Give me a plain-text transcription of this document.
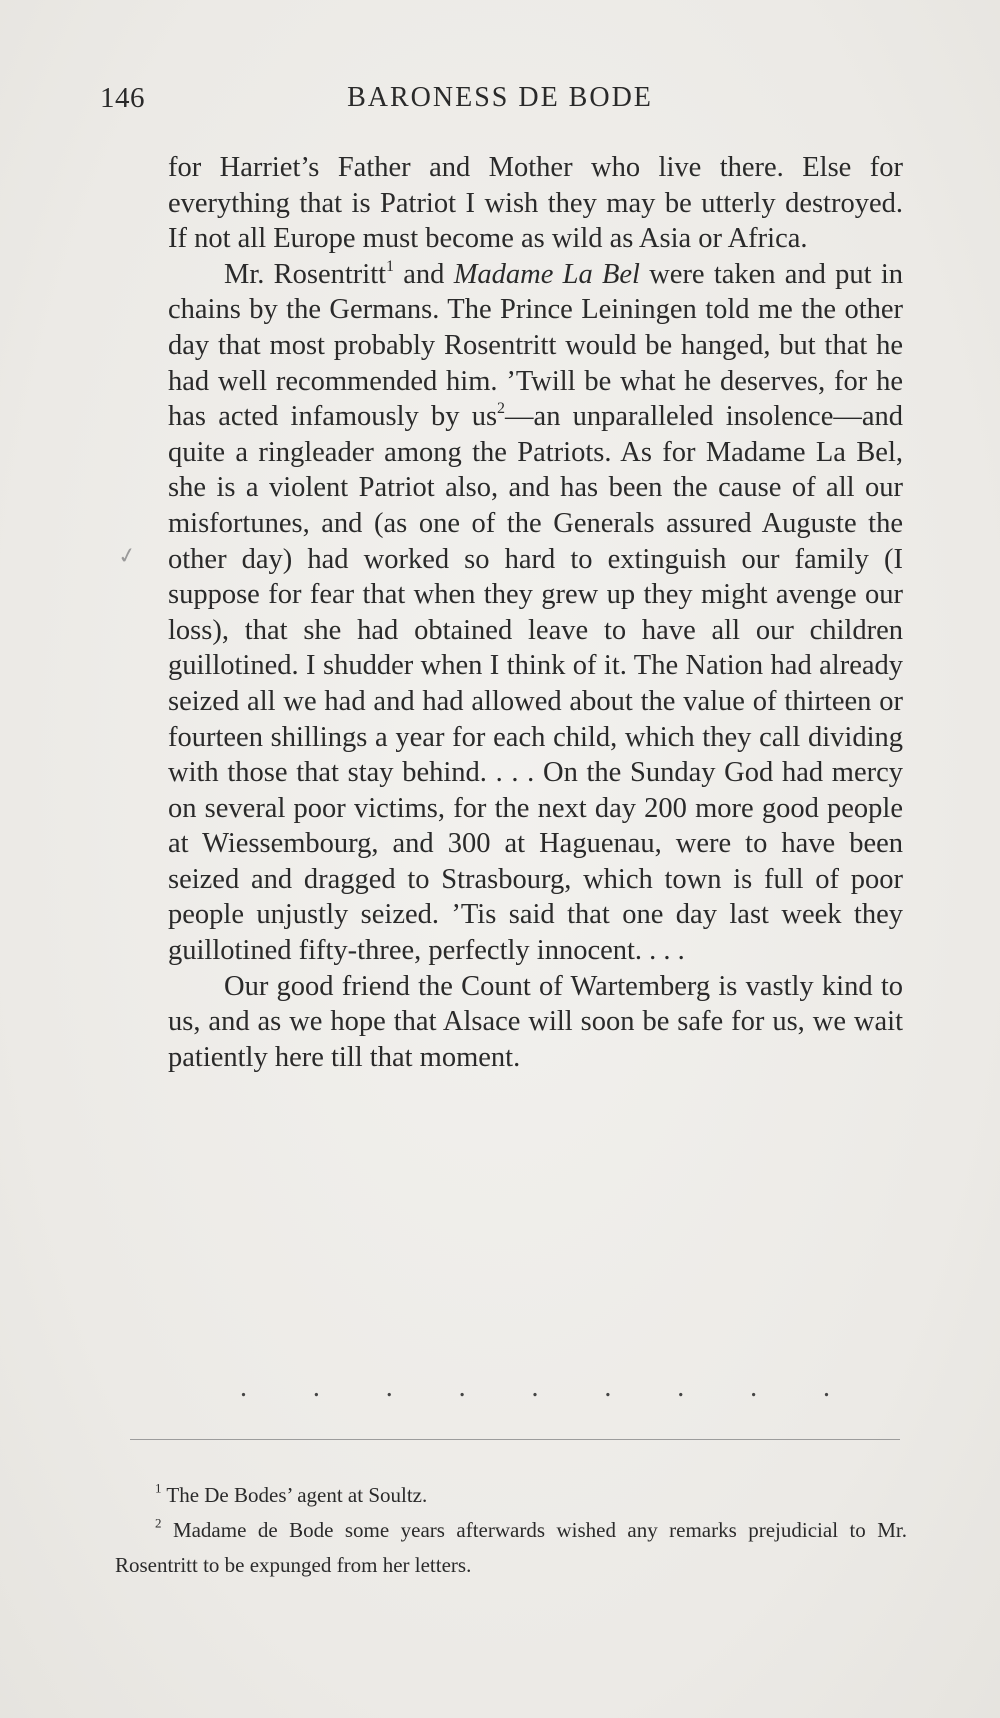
146	BARONESS DE BODE
✓

for Harriet’s Father and Mother who live there. Else for everything that is Patriot I wish they may be utterly destroyed. If not all Europe must become as wild as Asia or Africa.

Mr. Rosentritt$^1$ and Madame La Bel were taken and put in chains by the Germans. The Prince Leiningen told me the other day that most probably Rosentritt would be hanged, but that he had well recommended him. ’Twill be what he deserves, for he has acted infamously by $us^2—an$ unparalleled insolence—and quite a ringleader among the Patriots. As for Madame La Bel, she is a violent Patriot also, and has been the cause of all our misfortunes, and (as one of the Generals assured Auguste the other day) had worked so hard to extinguish our family (I suppose for fear that when they grew up they might avenge our loss), that she had obtained leave to have all our children guillotined. I shudder when I think of it. The Nation had already seized all we had and had allowed about the value of thirteen or fourteen shillings a year for each child, which they call dividing with those that stay behind. . . . On the Sunday God had mercy on several poor victims, for the next day 200 more good people at Wiessembourg, and 300 at Haguenau, were to have been seized and dragged to Strasbourg, which town is full of poor people unjustly seized. ’Tis said that one day last week they guillotined fifty-three, perfectly innocent. . . .

Our good friend the Count of Wartemberg is vastly kind to us, and as we hope that Alsace will soon be safe for us, we wait patiently here till that moment.

. . . . . . . . .

$^1$ The De Bodes’ agent at Soultz.

$^2$ Madame de Bode some years afterwards wished any remarks prejudicial to Mr. Rosentritt to be expunged from her letters.
